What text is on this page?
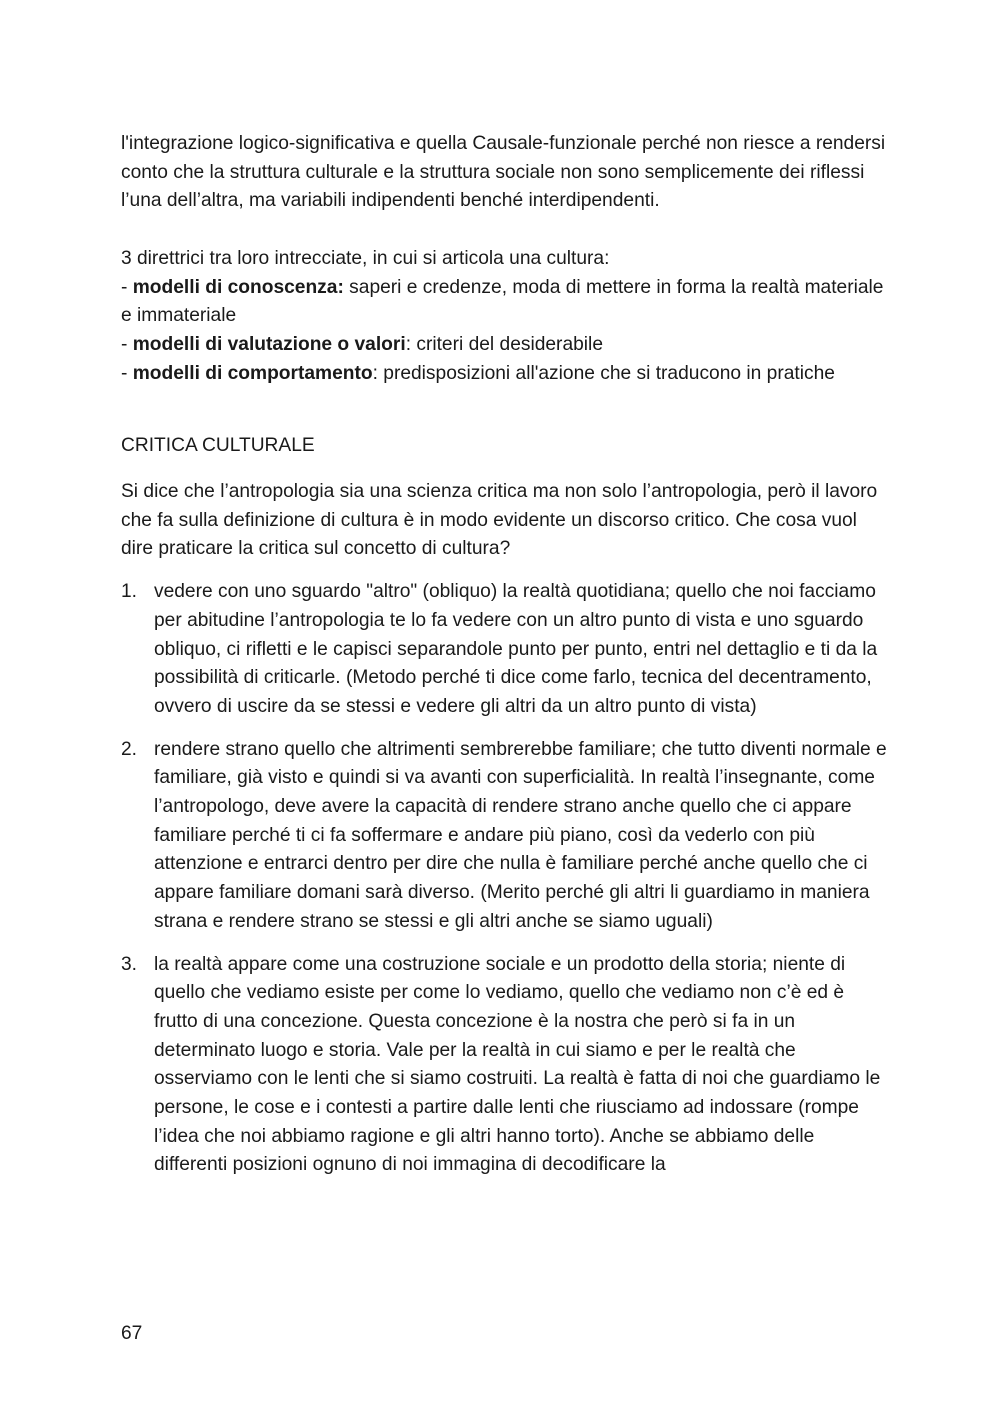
l'integrazione logico-significativa e quella Causale-funzionale perché non riesce a rendersi conto che la struttura culturale e la struttura sociale non sono semplicemente dei riflessi l’una dell’altra, ma variabili indipendenti benché interdipendenti.

3 direttrici tra loro intrecciate, in cui si articola una cultura:

- modelli di conoscenza: saperi e credenze, moda di mettere in forma la realtà materiale e immateriale

- modelli di valutazione o valori: criteri del desiderabile

- modelli di comportamento: predisposizioni all'azione che si traducono in pratiche

CRITICA CULTURALE

Si dice che l’antropologia sia una scienza critica ma non solo l’antropologia, però il lavoro che fa sulla definizione di cultura è in modo evidente un discorso critico. Che cosa vuol dire praticare la critica sul concetto di cultura?

1. vedere con uno sguardo "altro" (obliquo) la realtà quotidiana; quello che noi facciamo per abitudine l’antropologia te lo fa vedere con un altro punto di vista e uno sguardo obliquo, ci rifletti e le capisci separandole punto per punto, entri nel dettaglio e ti da la possibilità di criticarle. (Metodo perché ti dice come farlo, tecnica del decentramento, ovvero di uscire da se stessi e vedere gli altri da un altro punto di vista)
2. rendere strano quello che altrimenti sembrerebbe familiare; che tutto diventi normale e familiare, già visto e quindi si va avanti con superficialità. In realtà l’insegnante, come l’antropologo, deve avere la capacità di rendere strano anche quello che ci appare familiare perché ti ci fa soffermare e andare più piano, così da vederlo con più attenzione e entrarci dentro per dire che nulla è familiare perché anche quello che ci appare familiare domani sarà diverso. (Merito perché gli altri li guardiamo in maniera strana e rendere strano se stessi e gli altri anche se siamo uguali)
3. la realtà appare come una costruzione sociale e un prodotto della storia; niente di quello che vediamo esiste per come lo vediamo, quello che vediamo non c’è ed è frutto di una concezione. Questa concezione è la nostra che però si fa in un determinato luogo e storia. Vale per la realtà in cui siamo e per le realtà che osserviamo con le lenti che si siamo costruiti. La realtà è fatta di noi che guardiamo le persone, le cose e i contesti a partire dalle lenti che riusciamo ad indossare (rompe l’idea che noi abbiamo ragione e gli altri hanno torto). Anche se abbiamo delle differenti posizioni ognuno di noi immagina di decodificare la
67
